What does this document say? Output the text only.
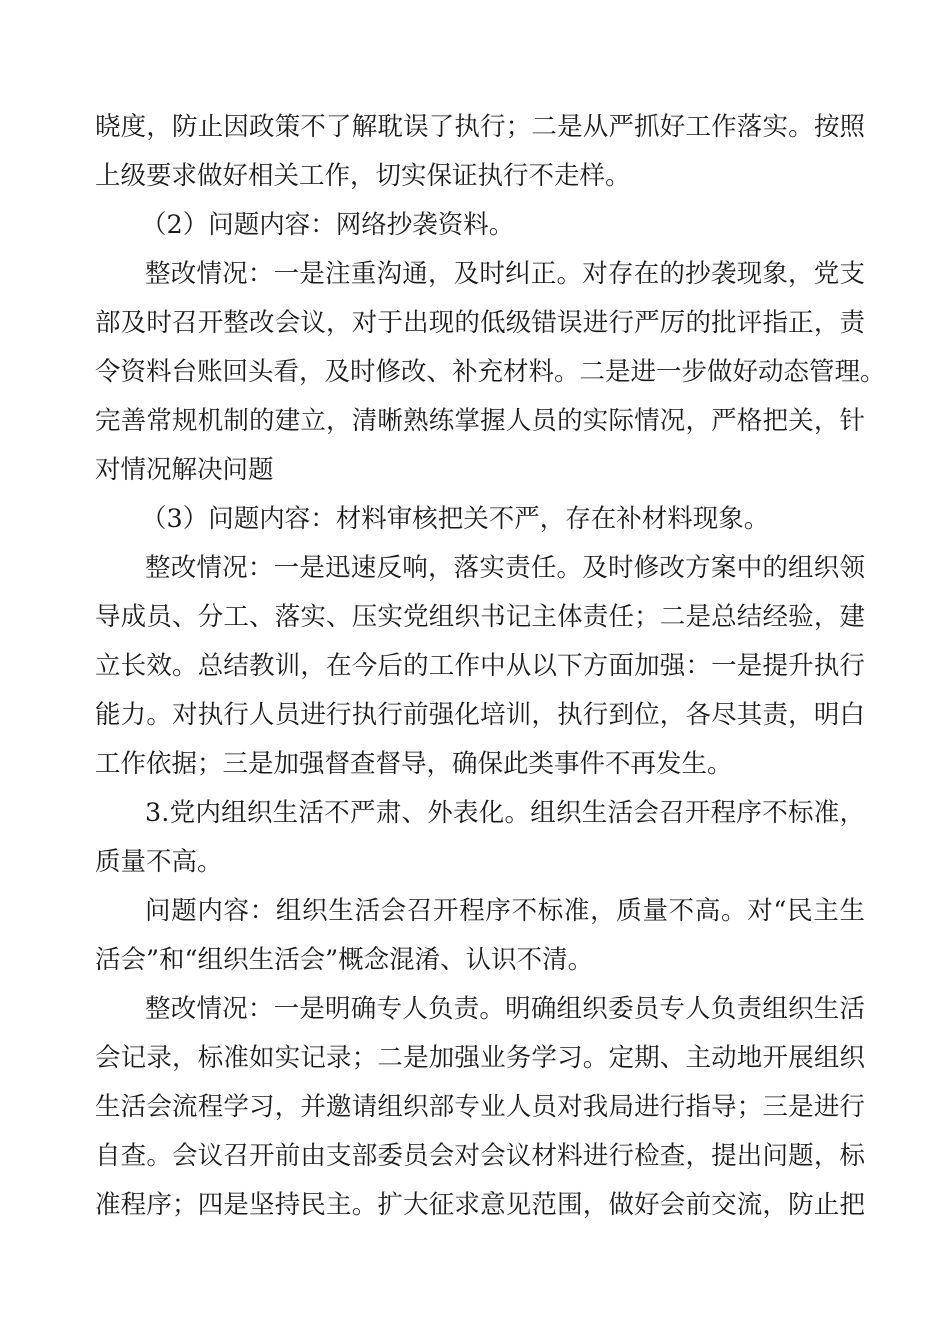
晓度，防止因政策不了解耽误了执行；二是从严抓好工作落实。按照
上级要求做好相关工作，切实保证执行不走样。
（2）问题内容：网络抄袭资料。
整改情况：一是注重沟通，及时纠正。对存在的抄袭现象，党支
部及时召开整改会议，对于出现的低级错误进行严厉的批评指正，责
令资料台账回头看，及时修改、补充材料。二是进一步做好动态管理。
完善常规机制的建立，清晰熟练掌握人员的实际情况，严格把关，针
对情况解决问题
（3）问题内容：材料审核把关不严，存在补材料现象。
整改情况：一是迅速反响，落实责任。及时修改方案中的组织领
导成员、分工、落实、压实党组织书记主体责任；二是总结经验，建
立长效。总结教训，在今后的工作中从以下方面加强：一是提升执行
能力。对执行人员进行执行前强化培训，执行到位，各尽其责，明白
工作依据；三是加强督查督导，确保此类事件不再发生。
3.党内组织生活不严肃、外表化。组织生活会召开程序不标准，
质量不高。
问题内容：组织生活会召开程序不标准，质量不高。对“民主生
活会”和“组织生活会”概念混淆、认识不清。
整改情况：一是明确专人负责。明确组织委员专人负责组织生活
会记录，标准如实记录；二是加强业务学习。定期、主动地开展组织
生活会流程学习，并邀请组织部专业人员对我局进行指导；三是进行
自查。会议召开前由支部委员会对会议材料进行检查，提出问题，标
准程序；四是坚持民主。扩大征求意见范围，做好会前交流，防止把
